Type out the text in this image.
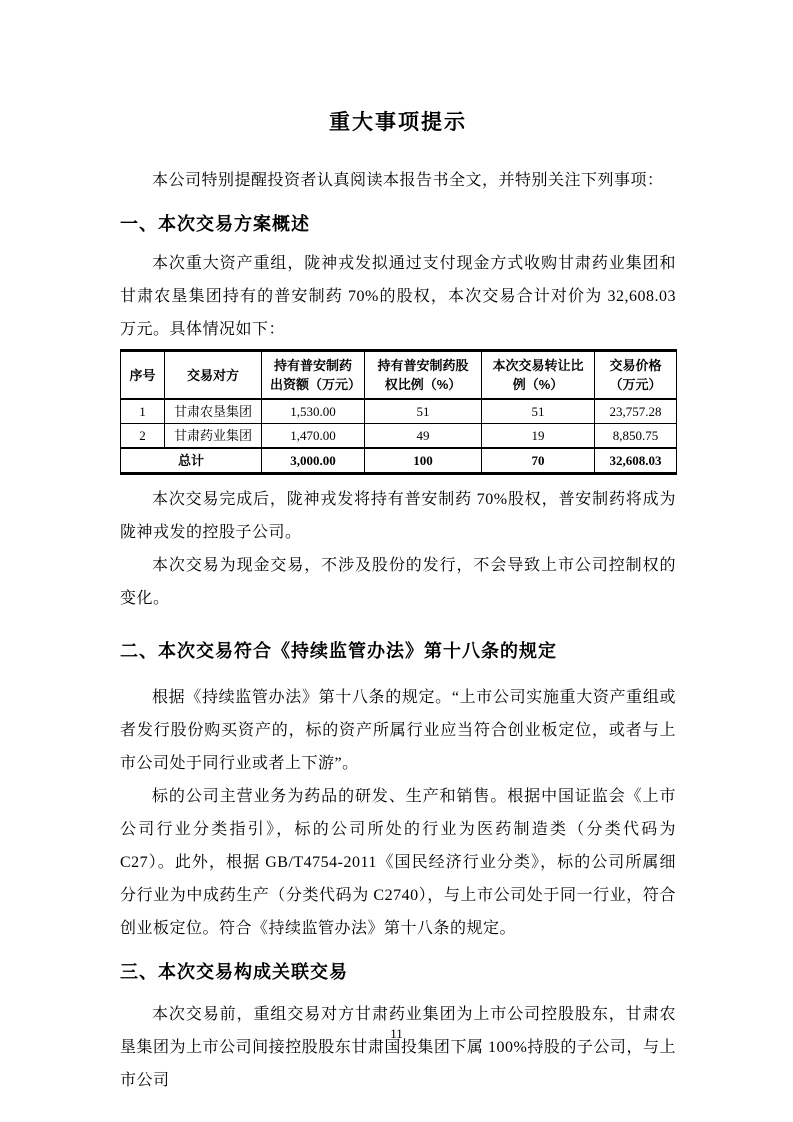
重大事项提示

本公司特别提醒投资者认真阅读本报告书全文，并特别关注下列事项：

一、本次交易方案概述

本次重大资产重组，陇神戎发拟通过支付现金方式收购甘肃药业集团和甘肃农垦集团持有的普安制药 70%的股权，本次交易合计对价为 32,608.03 万元。具体情况如下：

序号	交易对方	持有普安制药出资额（万元）	持有普安制药股权比例（%）	本次交易转让比例（%）	交易价格（万元）
1	甘肃农垦集团	1,530.00	51	51	23,757.28
2	甘肃药业集团	1,470.00	49	19	8,850.75
总计		3,000.00	100	70	32,608.03

本次交易完成后，陇神戎发将持有普安制药 70%股权，普安制药将成为陇神戎发的控股子公司。

本次交易为现金交易，不涉及股份的发行，不会导致上市公司控制权的变化。

二、本次交易符合《持续监管办法》第十八条的规定

根据《持续监管办法》第十八条的规定。“上市公司实施重大资产重组或者发行股份购买资产的，标的资产所属行业应当符合创业板定位，或者与上市公司处于同行业或者上下游”。

标的公司主营业务为药品的研发、生产和销售。根据中国证监会《上市公司行业分类指引》，标的公司所处的行业为医药制造类（分类代码为 C27）。此外，根据 GB/T4754-2011《国民经济行业分类》，标的公司所属细分行业为中成药生产（分类代码为 C2740），与上市公司处于同一行业，符合创业板定位。符合《持续监管办法》第十八条的规定。

三、本次交易构成关联交易

本次交易前，重组交易对方甘肃药业集团为上市公司控股股东，甘肃农垦集团为上市公司间接控股股东甘肃国投集团下属 100%持股的子公司，与上市公司

11
